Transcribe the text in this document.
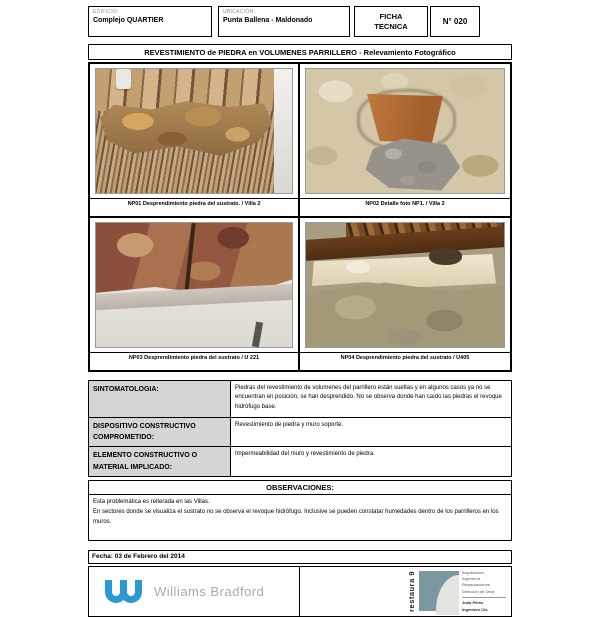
EDIFICIO:
Complejo QUARTIER
UBICACIÓN:
Punta Ballena - Maldonado	FICHA
TECNICA	N° 020
REVESTIMIENTO de PIEDRA en VOLUMENES PARRILLERO - Relevamiento Fotográfico
NP01 Desprendimiento piedra del sustrato. / Villa 2	NP02 Detalle foto NP1. / Villa 2
NP03 Desprendimiento piedra del sustrato / U 221	NP04 Desprendimiento piedra del sustrato / U405
SINTOMATOLOGIA:	Piedras del revestimiento de volumenes del parrillero están sueltas y en algunos casos ya no se encuentran en posición, se han desprendido. No se observa donde han caído las piedras el revoque hidrófugo base.
DISPOSITIVO CONSTRUCTIVO COMPROMETIDO:
Revestimiento de piedra y muro soporte.
ELEMENTO CONSTRUCTIVO O MATERIAL IMPLICADO:
Impermeabilidad del muro y revestimiento de piedra.
OBSERVACIONES:
Esta problemática es reiterada en las Villas.
En sectores donde se visualiza el sustrato no se observa el revoque hidrófugo. Inclusive se pueden constatar humedades dentro de los parrilleros en los muros.
Fecha: 03 de Febrero del 2014
Williams Bradford	restaura 9	Arquitectura
Ingeniería
Restauraciones
Dirección de Obra
Julio Pérez
Ingeniero Civ.
